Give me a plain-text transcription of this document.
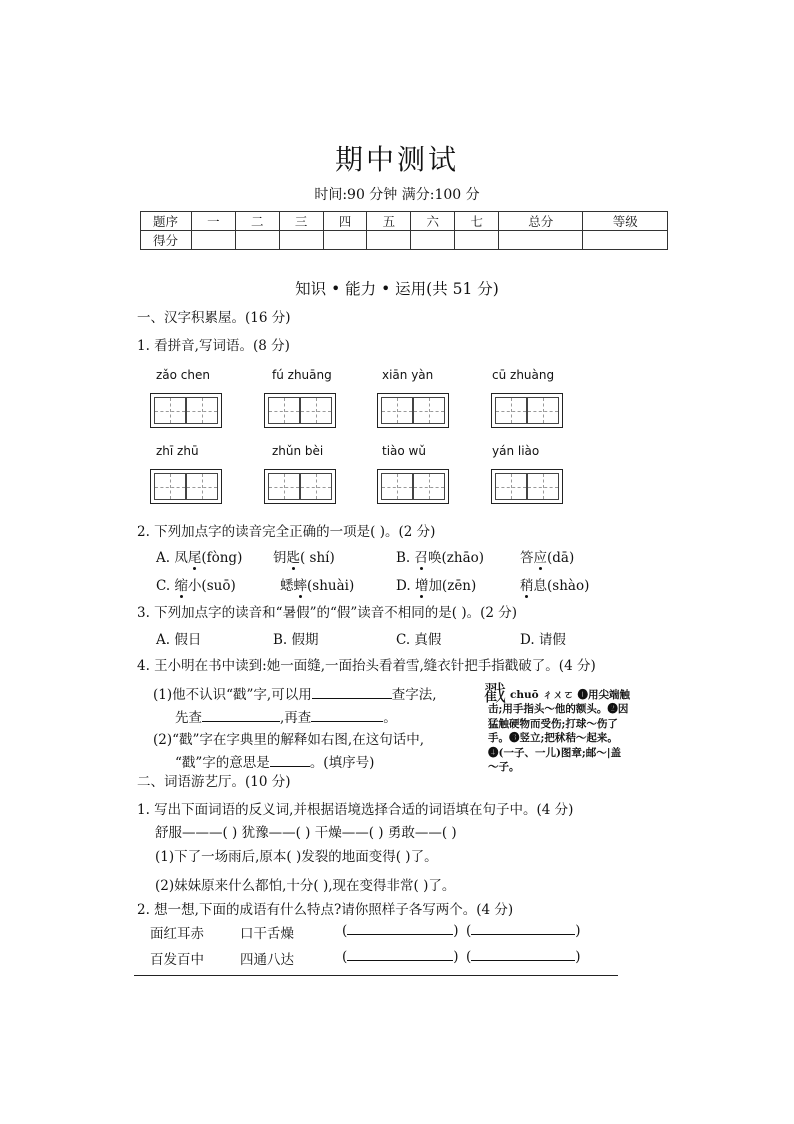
期中测试
时间:90 分钟 满分:100 分
题序	一	二	三	四	五	六	七	总分	等级
得分									
知识 • 能力 • 运用(共 51 分)
一、汉字积累屋。(16 分)
1. 看拼音,写词语。(8 分)
zǎo chen	fú zhuāng	xiān yàn	cū zhuàng
zhī zhū	zhǔn bèi	tiào wǔ	yán liào
2. 下列加点字的读音完全正确的一项是( )。(2 分)
A. 凤尾(fòng) 钥匙( shí)	B. 召唤(zhāo)	答应(dā)
C. 缩小(suō)	蟋蟀(shuài)	D. 增加(zēn)	稍息(shào)
3. 下列加点字的读音和“暑假”的“假”读音不相同的是( )。(2 分)
A. 假日	B. 假期	C. 真假	D. 请假
4. 王小明在书中读到:她一面缝,一面抬头看着雪,缝衣针把手指戳破了。(4 分)
(1)他不认识“戳”字,可以用	查字法,
先查	,再查	。
(2)“戳”字在字典里的解释如右图,在这句话中,
“戳”字的意思是	。(填序号)
戳 chuō ㄔㄨㄛ ❶用尖端触
击;用手指头～他的额头。❷因猛触硬物而受伤;打球～伤了手。❸竖立;把秫秸～起来。❹(一子、一儿)图章;邮～|盖～子。
二、词语游艺厅。(10 分)
1. 写出下面词语的反义词,并根据语境选择合适的词语填在句子中。(4 分)
舒服———( ) 犹豫——( ) 干燥——( ) 勇敢——( )
(1)下了一场雨后,原本( )发裂的地面变得( )了。
(2)妹妹原来什么都怕,十分( ),现在变得非常( )了。
2. 想一想,下面的成语有什么特点?请你照样子各写两个。(4 分)
面红耳赤	口干舌燥	(	) (	)
百发百中	四通八达	(	) (	)
